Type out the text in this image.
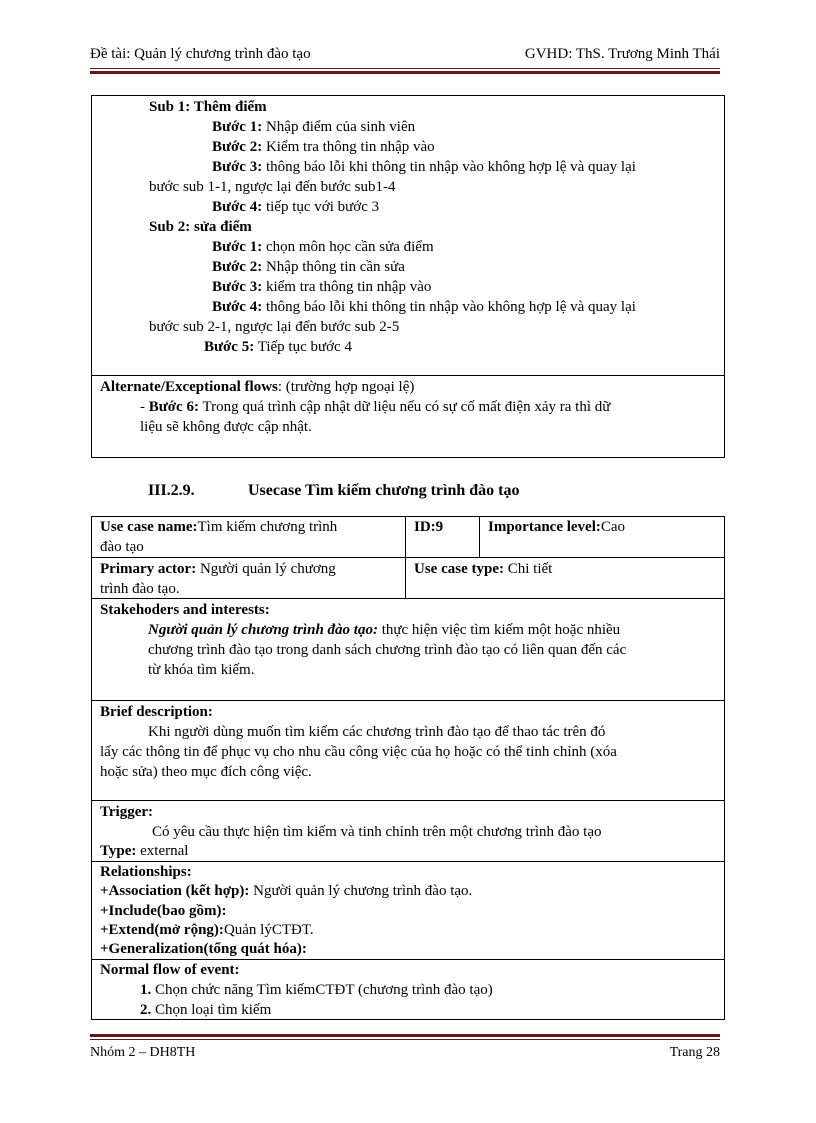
Đề tài: Quản lý chương trình đào tạo	GVHD: ThS. Trương Minh Thái
Sub 1: Thêm điểm
Bước 1: Nhập điểm của sinh viên
Bước 2: Kiểm tra thông tin nhập vào
Bước 3: thông báo lỗi khi thông tin nhập vào không hợp lệ và quay lại
bước sub 1-1, ngược lại đến bước sub1-4
Bước 4: tiếp tục với bước 3
Sub 2: sửa điểm
Bước 1: chọn môn học cần sửa điểm
Bước 2: Nhập thông tin cần sửa
Bước 3: kiểm tra thông tin nhập vào
Bước 4: thông báo lỗi khi thông tin nhập vào không hợp lệ và quay lại
bước sub 2-1, ngược lại đến bước sub 2-5
Bước 5: Tiếp tục bước 4
Alternate/Exceptional flows: (trường hợp ngoại lệ)
- Bước 6: Trong quá trình cập nhật dữ liệu nếu có sự cố mất điện xảy ra thì dữ
liệu sẽ không được cập nhật.
III.2.9.	Usecase Tìm kiếm chương trình đào tạo
Use case name:Tìm kiếm chương trình
đào tạo
ID:9	Importance level:Cao
Primary actor: Người quản lý chương
trình đào tạo.
Use case type: Chi tiết
Stakehoders and interests:
Người quản lý chương trình đào tạo: thực hiện việc tìm kiếm một hoặc nhiều
chương trình đào tạo trong danh sách chương trình đào tạo có liên quan đến các
từ khóa tìm kiếm.
Brief description:
Khi người dùng muốn tìm kiếm các chương trình đào tạo để thao tác trên đó
lấy các thông tin để phục vụ cho nhu cầu công việc của họ hoặc có thể tinh chỉnh (xóa
hoặc sửa) theo mục đích công việc.
Trigger:
Có yêu cầu thực hiện tìm kiếm và tinh chỉnh trên một chương trình đào tạo
Type: external
Relationships:
+Association (kết hợp): Người quản lý chương trình đào tạo.
+Include(bao gồm):
+Extend(mở rộng):Quản lýCTĐT.
+Generalization(tổng quát hóa):
Normal flow of event:
1. Chọn chức năng Tìm kiếmCTĐT (chương trình đào tạo)
2. Chọn loại tìm kiếm
Nhóm 2 – DH8TH	Trang 28
